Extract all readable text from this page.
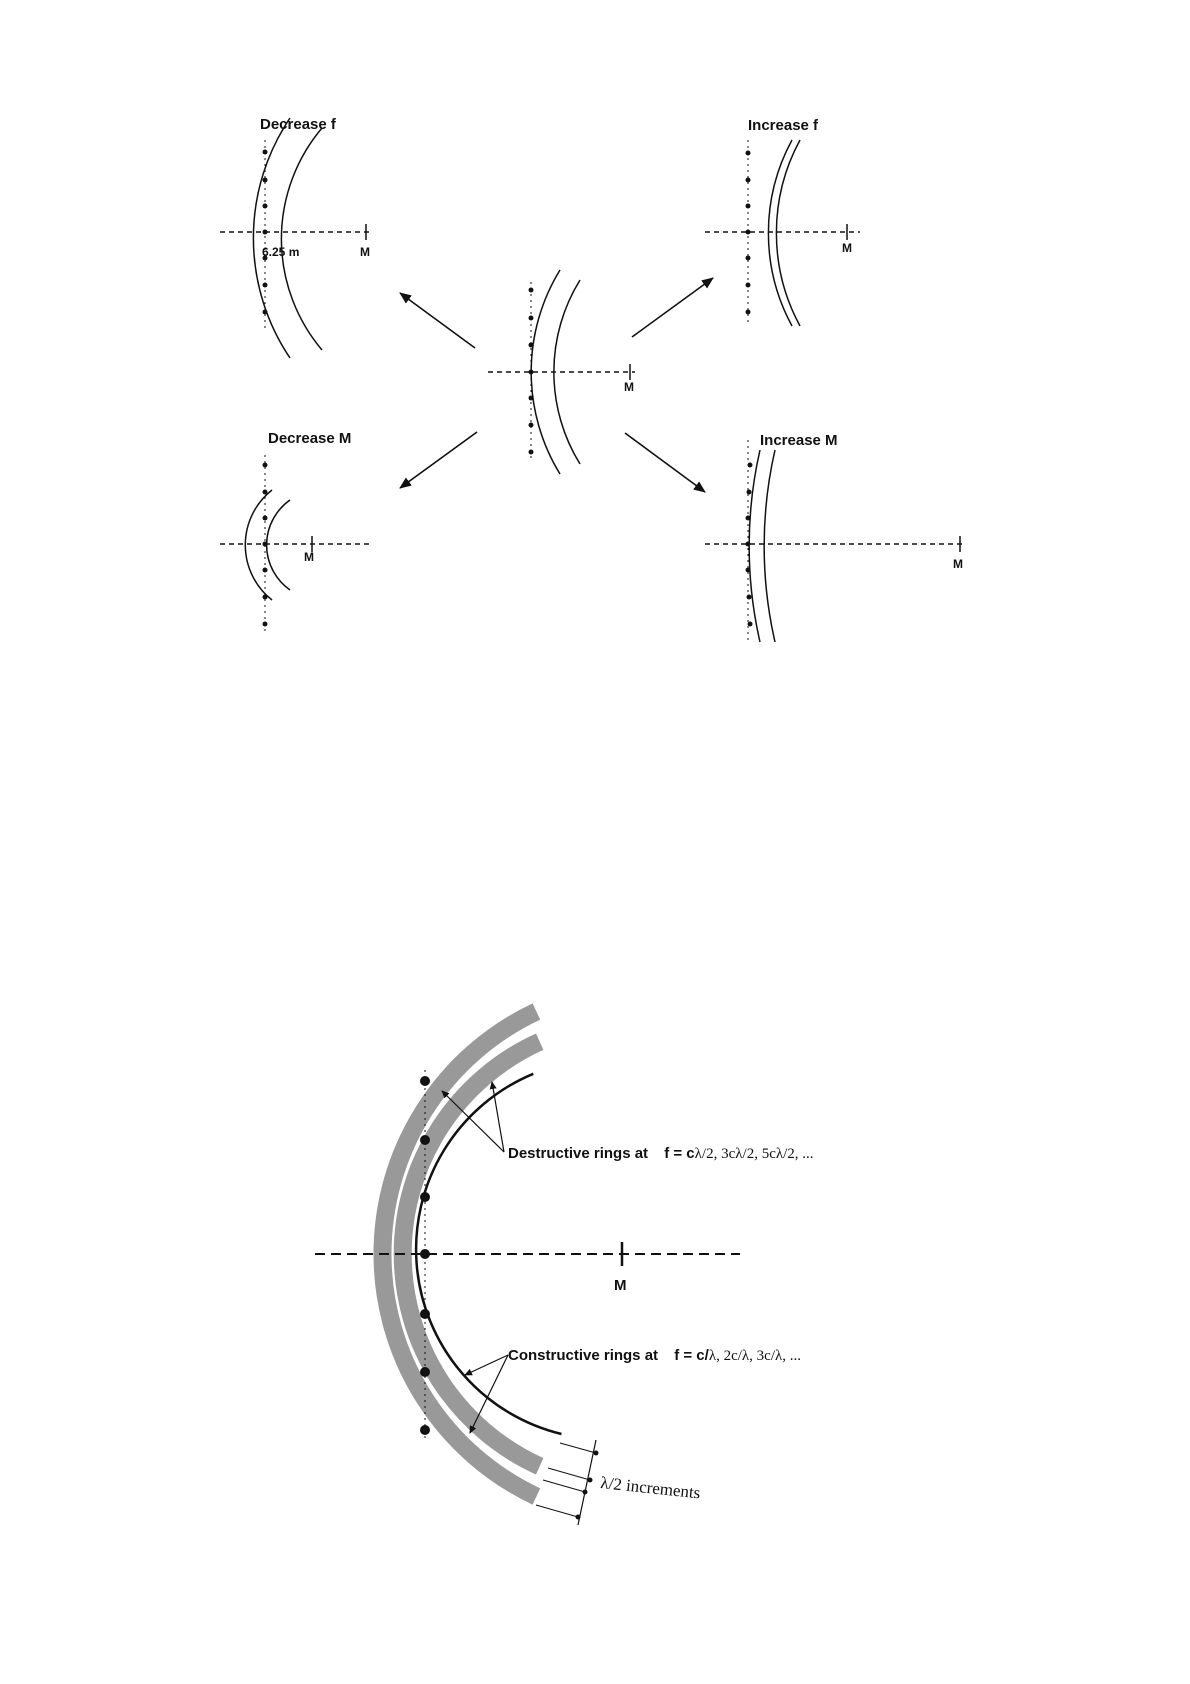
Decrease f
6.25 m	M
Increase f
M
M
Decrease M
M
Increase M
M
M
Destructive rings at f = cλ/2, 3cλ/2, 5cλ/2, ...
Constructive rings at f = c/λ, 2c/λ, 3c/λ, ...
λ/2 increments
